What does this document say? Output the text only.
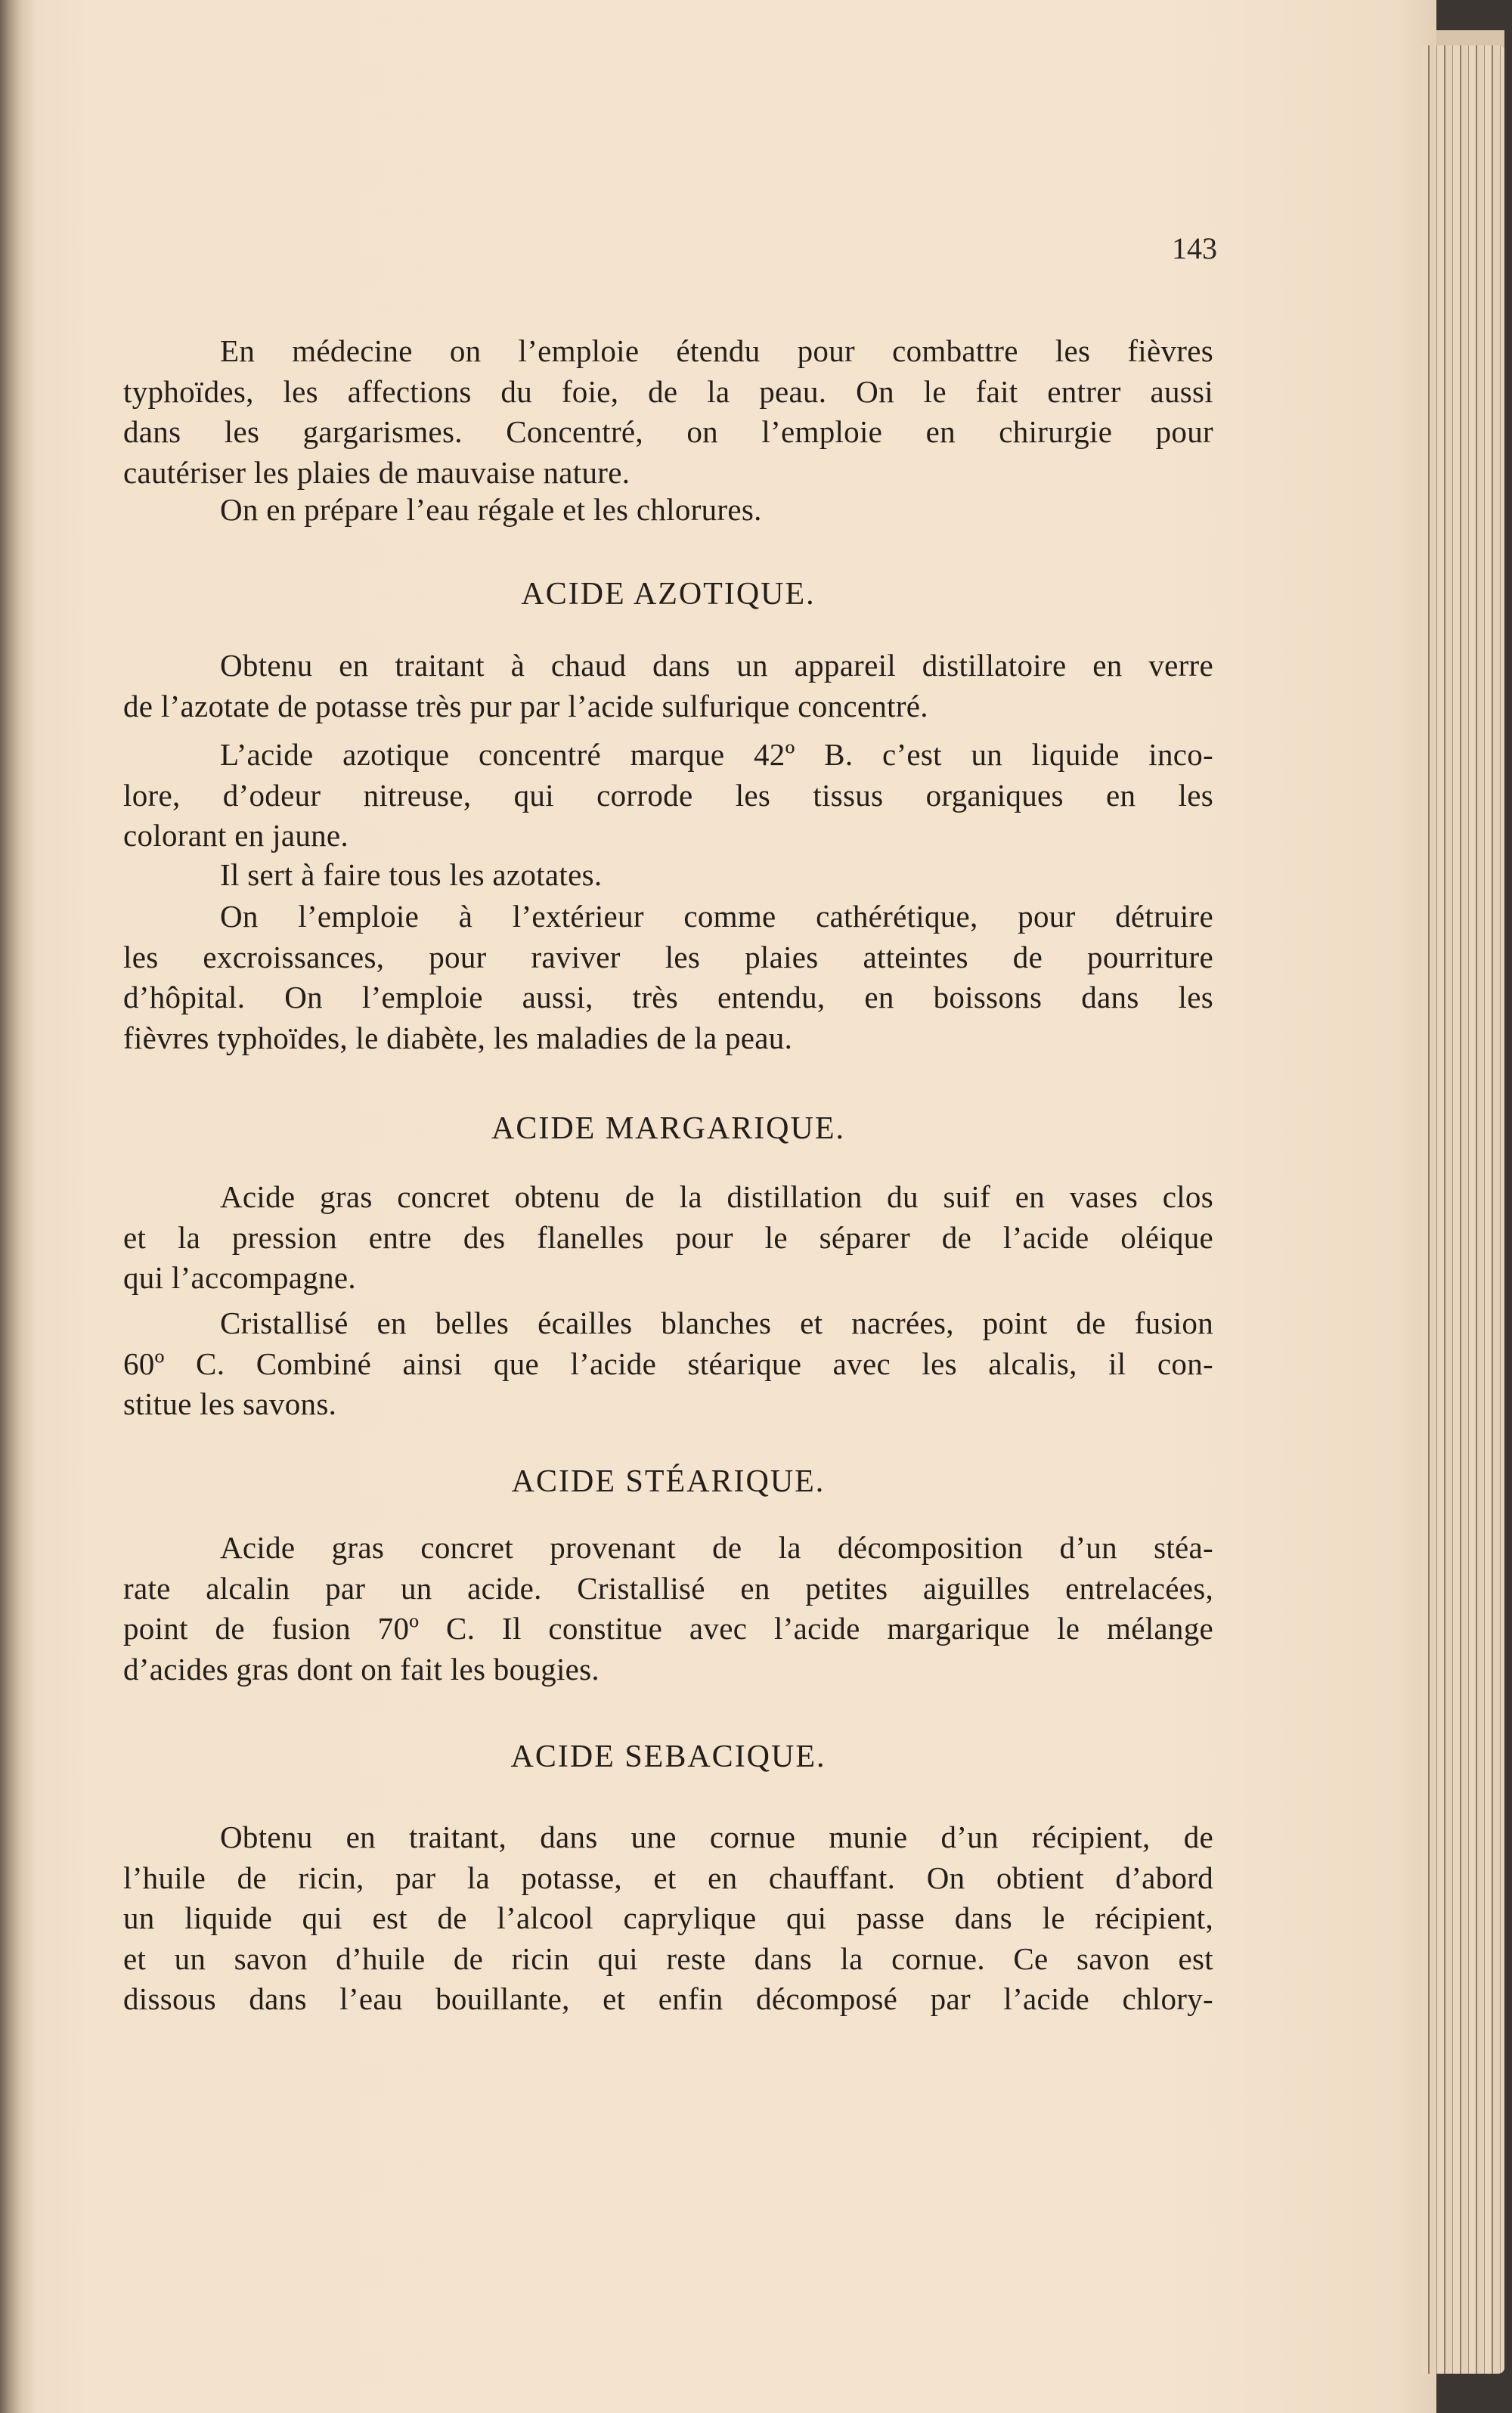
143
En médecine on l’emploie étendu pour combattre les fièvres
typhoïdes, les affections du foie, de la peau. On le fait entrer aussi
dans les gargarismes. Concentré, on l’emploie en chirurgie pour
cautériser les plaies de mauvaise nature.
On en prépare l’eau régale et les chlorures.
ACIDE AZOTIQUE.
Obtenu en traitant à chaud dans un appareil distillatoire en verre
de l’azotate de potasse très pur par l’acide sulfurique concentré.
L’acide azotique concentré marque 42º B. c’est un liquide inco-
lore, d’odeur nitreuse, qui corrode les tissus organiques en les
colorant en jaune.
Il sert à faire tous les azotates.
On l’emploie à l’extérieur comme cathérétique, pour détruire
les excroissances, pour raviver les plaies atteintes de pourriture
d’hôpital. On l’emploie aussi, très entendu, en boissons dans les
fièvres typhoïdes, le diabète, les maladies de la peau.
ACIDE MARGARIQUE.
Acide gras concret obtenu de la distillation du suif en vases clos
et la pression entre des flanelles pour le séparer de l’acide oléique
qui l’accompagne.
Cristallisé en belles écailles blanches et nacrées, point de fusion
60º C. Combiné ainsi que l’acide stéarique avec les alcalis, il con-
stitue les savons.
ACIDE STÉARIQUE.
Acide gras concret provenant de la décomposition d’un stéa-
rate alcalin par un acide. Cristallisé en petites aiguilles entrelacées,
point de fusion 70º C. Il constitue avec l’acide margarique le mélange
d’acides gras dont on fait les bougies.
ACIDE SEBACIQUE.
Obtenu en traitant, dans une cornue munie d’un récipient, de
l’huile de ricin, par la potasse, et en chauffant. On obtient d’abord
un liquide qui est de l’alcool caprylique qui passe dans le récipient,
et un savon d’huile de ricin qui reste dans la cornue. Ce savon est
dissous dans l’eau bouillante, et enfin décomposé par l’acide chlory-
